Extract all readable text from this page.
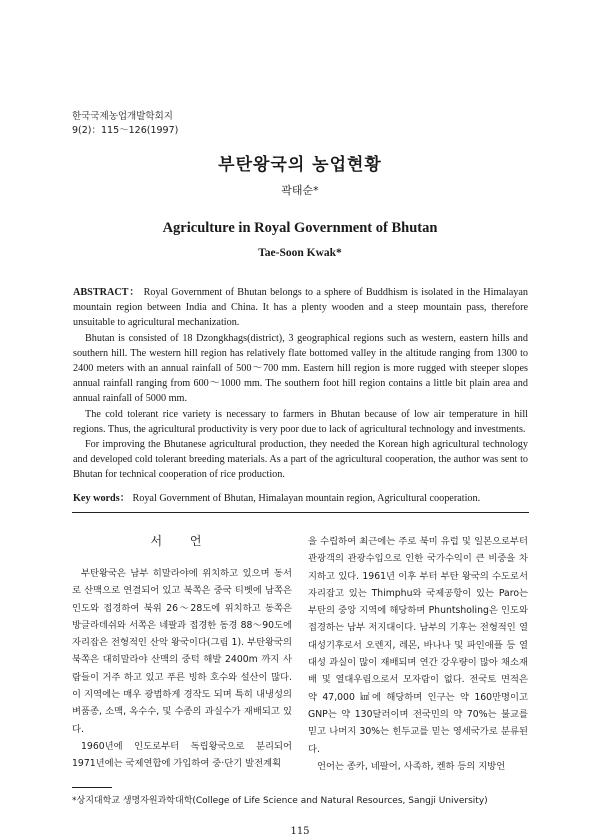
한국국제농업개발학회지
9(2)：115～126(1997)
부탄왕국의 농업현황
곽태순*
Agriculture in Royal Government of Bhutan
Tae-Soon Kwak*

ABSTRACT： Royal Government of Bhutan belongs to a sphere of Buddhism is isolated in the Himalayan mountain region between India and China. It has a plenty wooden and a steep mountain pass, therefore unsuitable to agricultural mechanization.

Bhutan is consisted of 18 Dzongkhags(district), 3 geographical regions such as western, eastern hills and southern hill. The western hill region has relatively flate bottomed valley in the altitude ranging from 1300 to 2400 meters with an annual rainfall of 500～700 mm. Eastern hill region is more rugged with steeper slopes annual rainfall ranging from 600～1000 mm. The southern foot hill region contains a little bit plain area and annual rainfall of 5000 mm.

The cold tolerant rice variety is necessary to farmers in Bhutan because of low air temperature in hill regions. Thus, the agricultural productivity is very poor due to lack of agricultural technology and investments.

For improving the Bhutanese agricultural production, they needed the Korean high agricultural technology and developed cold tolerant breeding materials. As a part of the agricultural cooperation, the author was sent to Bhutan for technical cooperation of rice production.

Key words： Royal Government of Bhutan, Himalayan mountain region, Agricultural cooperation.
서 언

부탄왕국은 남부 히말라야에 위치하고 있으며 동서로 산맥으로 연결되어 있고 북쪽은 중국 티벳에 남쪽은 인도와 접경하여 북위 26～28도에 위치하고 동쪽은 방글라데쉬와 서쪽은 네팔과 접경한 동경 88～90도에 자리잡은 전형적인 산악 왕국이다(그림 1). 부탄왕국의 북쪽은 대히말라야 산맥의 중턱 해발 2400m 까지 사람들이 거주 하고 있고 푸른 빙하 호수와 설산이 많다. 이 지역에는 매우 광범하게 경작도 되며 특히 내냉성의 벼품종, 소맥, 옥수수, 및 수종의 과실수가 재배되고 있다.

1960년에 인도로부터 독립왕국으로 분리되어 1971년에는 국제연합에 가입하여 중·단기 발전계획

을 수립하여 최근에는 주로 북미 유럽 및 일본으로부터 관광객의 관광수입으로 인한 국가수익이 큰 비중을 차지하고 있다. 1961년 이후 부터 부탄 왕국의 수도로서 자리잡고 있는 Thimphu와 국제공항이 있는 Paro는 부탄의 중앙 지역에 해당하며 Phuntsholing은 인도와 접경하는 남부 저지대이다. 남부의 기후는 전형적인 열대성기후로서 오렌지, 레몬, 바나나 및 파인애플 등 열대성 과실이 많이 재배되며 연간 강우량이 많아 채소재배 및 열대우림으로서 모자람이 없다. 전국토 면적은 약 47,000 ㎢에 해당하며 인구는 약 160만명이고 GNP는 약 130달러이며 전국민의 약 70%는 불교를 믿고 나머지 30%는 힌두교를 믿는 영세국가로 분류된다.

언어는 종카, 네팔어, 사족하, 켄하 등의 지방언

*상지대학교 생명자원과학대학(College of Life Science and Natural Resources, Sangji University)
115
